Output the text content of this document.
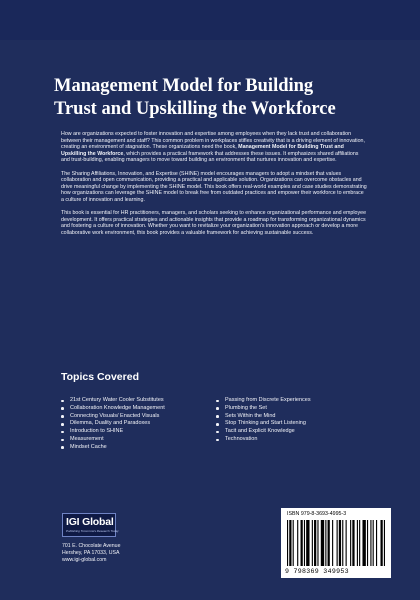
Management Model for Building
Trust and Upskilling the Workforce

How are organizations expected to foster innovation and expertise among employees when they lack trust and collaboration between their management and staff? This common problem in workplaces stifles creativity that is a driving element of innovation, creating an environment of stagnation. These organizations need the book, Management Model for Building Trust and Upskilling the Workforce, which provides a practical framework that addresses these issues. It emphasizes shared affiliations and trust-building, enabling managers to move toward building an environment that nurtures innovation and expertise.

The Sharing Affiliations, Innovation, and Expertise (SHINE) model encourages managers to adopt a mindset that values collaboration and open communication, providing a practical and applicable solution. Organizations can overcome obstacles and drive meaningful change by implementing the SHINE model. This book offers real-world examples and case studies demonstrating how organizations can leverage the SHINE model to break free from outdated practices and empower their workforce to embrace a culture of innovation and learning.

This book is essential for HR practitioners, managers, and scholars seeking to enhance organizational performance and employee development. It offers practical strategies and actionable insights that provide a roadmap for transforming organizational dynamics and fostering a culture of innovation. Whether you want to revitalize your organization's innovation approach or develop a more collaborative work environment, this book provides a valuable framework for achieving sustainable success.

Topics Covered
21st Century Water Cooler Substitutes
Collaboration Knowledge Management
Connecting Visuals/ Enacted Visuals
Dilemma, Duality and Paradoxes
Introduction to SHINE
Measurement
Mindset Cache
Passing from Discrete Experiences
Plumbing the Set
Sets Within the Mind
Stop Thinking and Start Listening
Tacit and Explicit Knowledge
Technovation
IGI Global
Publishing Tomorrow's Research Today
701 E. Chocolate Avenue
Hershey, PA 17033, USA
www.igi-global.com
ISBN 979-8-3693-4995-3
9 798369 349953
